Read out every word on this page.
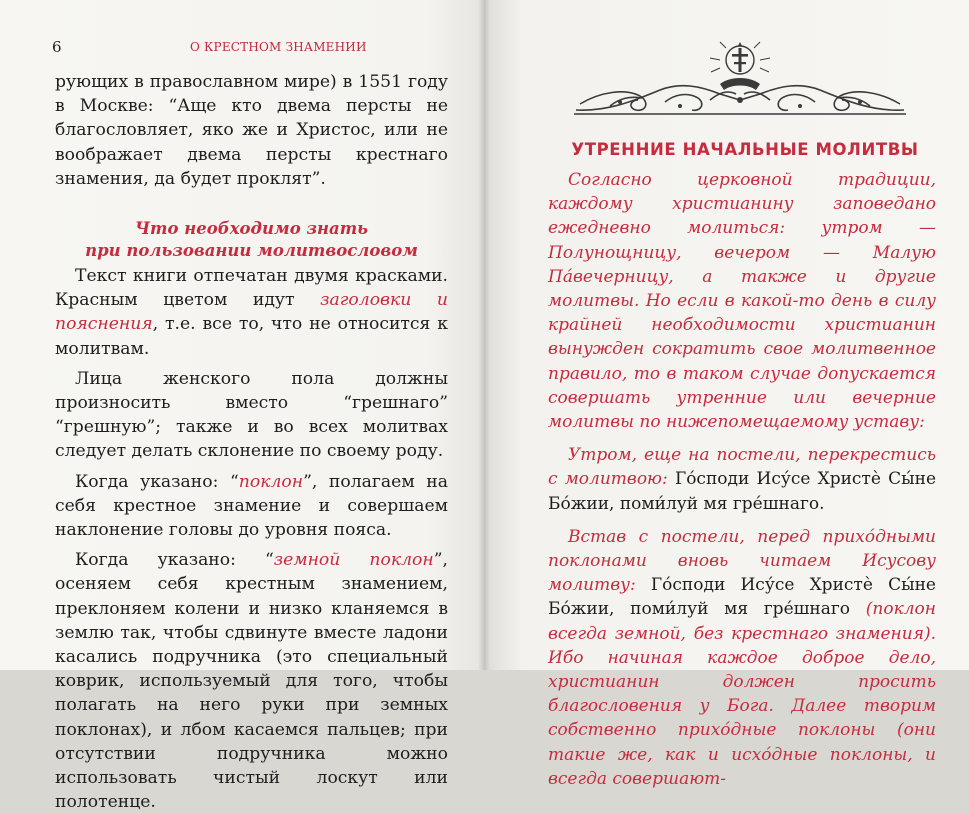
6	О КРЕСТНОМ ЗНАМЕНИИ

рующих в православном мире) в 1551 году в Москве: “Аще кто двема персты не благословляет, яко же и Христос, или не воображает двема персты крестнаго знамения, да будет проклят”.

Что необходимо знать
при пользовании молитвословом

Текст книги отпечатан двумя красками. Красным цветом идут заголовки и пояснения, т.е. все то, что не относится к молитвам.

Лица женского пола должны произносить вместо “грешнаго” “грешную”; также и во всех молитвах следует делать склонение по своему роду.

Когда указано: “поклон”, полагаем на себя крестное знамение и совершаем наклонение головы до уровня пояса.

Когда указано: “земной поклон”, осеняем себя крестным знамением, преклоняем колени и низко кланяемся в землю так, чтобы сдвинуте вместе ладони касались подручника (это специальный коврик, используемый для того, чтобы полагать на него руки при земных поклонах), и лбом касаемся пальцев; при отсутствии подручника можно использовать чистый лоскут или полотенце.

УТРЕННИЕ НАЧАЛЬНЫЕ МОЛИТВЫ

Согласно церковной традиции, каждому христианину заповедано ежедневно молиться: утром — Полунощницу, вечером — Малую Па́вечерницу, а также и другие молитвы. Но если в какой-то день в силу крайней необходимости христианин вынужден сократить свое молитвенное правило, то в таком случае допускается совершать утренние или вечерние молитвы по нижепомещаемому уставу:

Утром, еще на постели, перекрестись с молитвою: Го́споди Ису́се Христѐ Сы́не Бо́жии, поми́луй мя гре́шнаго.

Встав с постели, перед прихо́дными поклонами вновь читаем Исусову молитву: Го́споди Ису́се Христѐ Сы́не Бо́жии, поми́луй мя гре́шнаго (поклон всегда земной, без крестнаго знамения). Ибо начиная каждое доброе дело, христианин должен просить благословения у Бога. Далее творим собственно прихо́дные поклоны (они такие же, как и исхо́дные поклоны, и всегда совершают-
